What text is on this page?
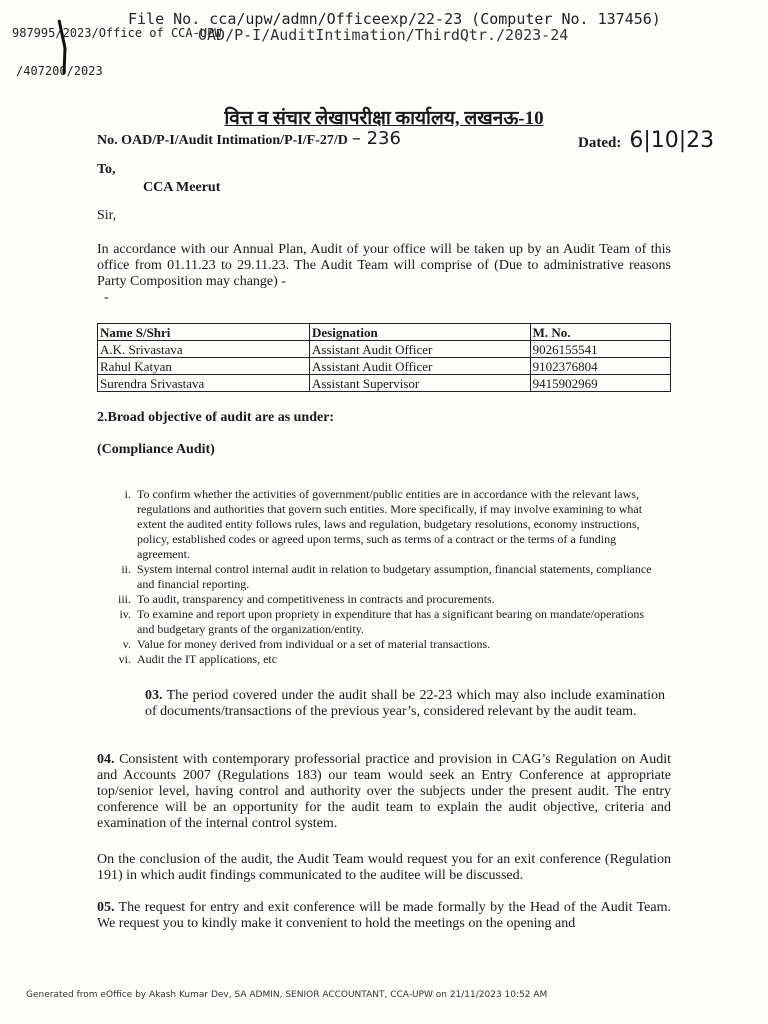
File No. cca/upw/admn/Officeexp/22-23 (Computer No. 137456)
987995/2023/Office of CCA-UPW
/407200/2023
OAD/P-I/AuditIntimation/ThirdQtr./2023-24
वित्त व संचार लेखापरीक्षा कार्यालय, लखनऊ-10
No. OAD/P-I/Audit Intimation/P-I/F-27/D – 236	Dated: 6|10|23
To,
CCA Meerut
Sir,
In accordance with our Annual Plan, Audit of your office will be taken up by an Audit Team of this office from 01.11.23 to 29.11.23. The Audit Team will comprise of (Due to administrative reasons Party Composition may change) -
-
Name S/Shri	Designation	M. No.
A.K. Srivastava	Assistant Audit Officer	9026155541
Rahul Katyan	Assistant Audit Officer	9102376804
Surendra Srivastava	Assistant Supervisor	9415902969
2.Broad objective of audit are as under:
(Compliance Audit)
i. To confirm whether the activities of government/public entities are in accordance with the relevant laws, regulations and authorities that govern such entities. More specifically, if may involve examining to what extent the audited entity follows rules, laws and regulation, budgetary resolutions, economy instructions, policy, established codes or agreed upon terms, such as terms of a contract or the terms of a funding agreement.
ii. System internal control internal audit in relation to budgetary assumption, financial statements, compliance and financial reporting.
iii. To audit, transparency and competitiveness in contracts and procurements.
iv. To examine and report upon propriety in expenditure that has a significant bearing on mandate/operations and budgetary grants of the organization/entity.
v. Value for money derived from individual or a set of material transactions.
vi. Audit the IT applications, etc
03. The period covered under the audit shall be 22-23 which may also include examination of documents/transactions of the previous year’s, considered relevant by the audit team.
04. Consistent with contemporary professorial practice and provision in CAG’s Regulation on Audit and Accounts 2007 (Regulations 183) our team would seek an Entry Conference at appropriate top/senior level, having control and authority over the subjects under the present audit. The entry conference will be an opportunity for the audit team to explain the audit objective, criteria and examination of the internal control system.
On the conclusion of the audit, the Audit Team would request you for an exit conference (Regulation 191) in which audit findings communicated to the auditee will be discussed.
05. The request for entry and exit conference will be made formally by the Head of the Audit Team. We request you to kindly make it convenient to hold the meetings on the opening and
Generated from eOffice by Akash Kumar Dev, SA ADMIN, SENIOR ACCOUNTANT, CCA-UPW on 21/11/2023 10:52 AM
